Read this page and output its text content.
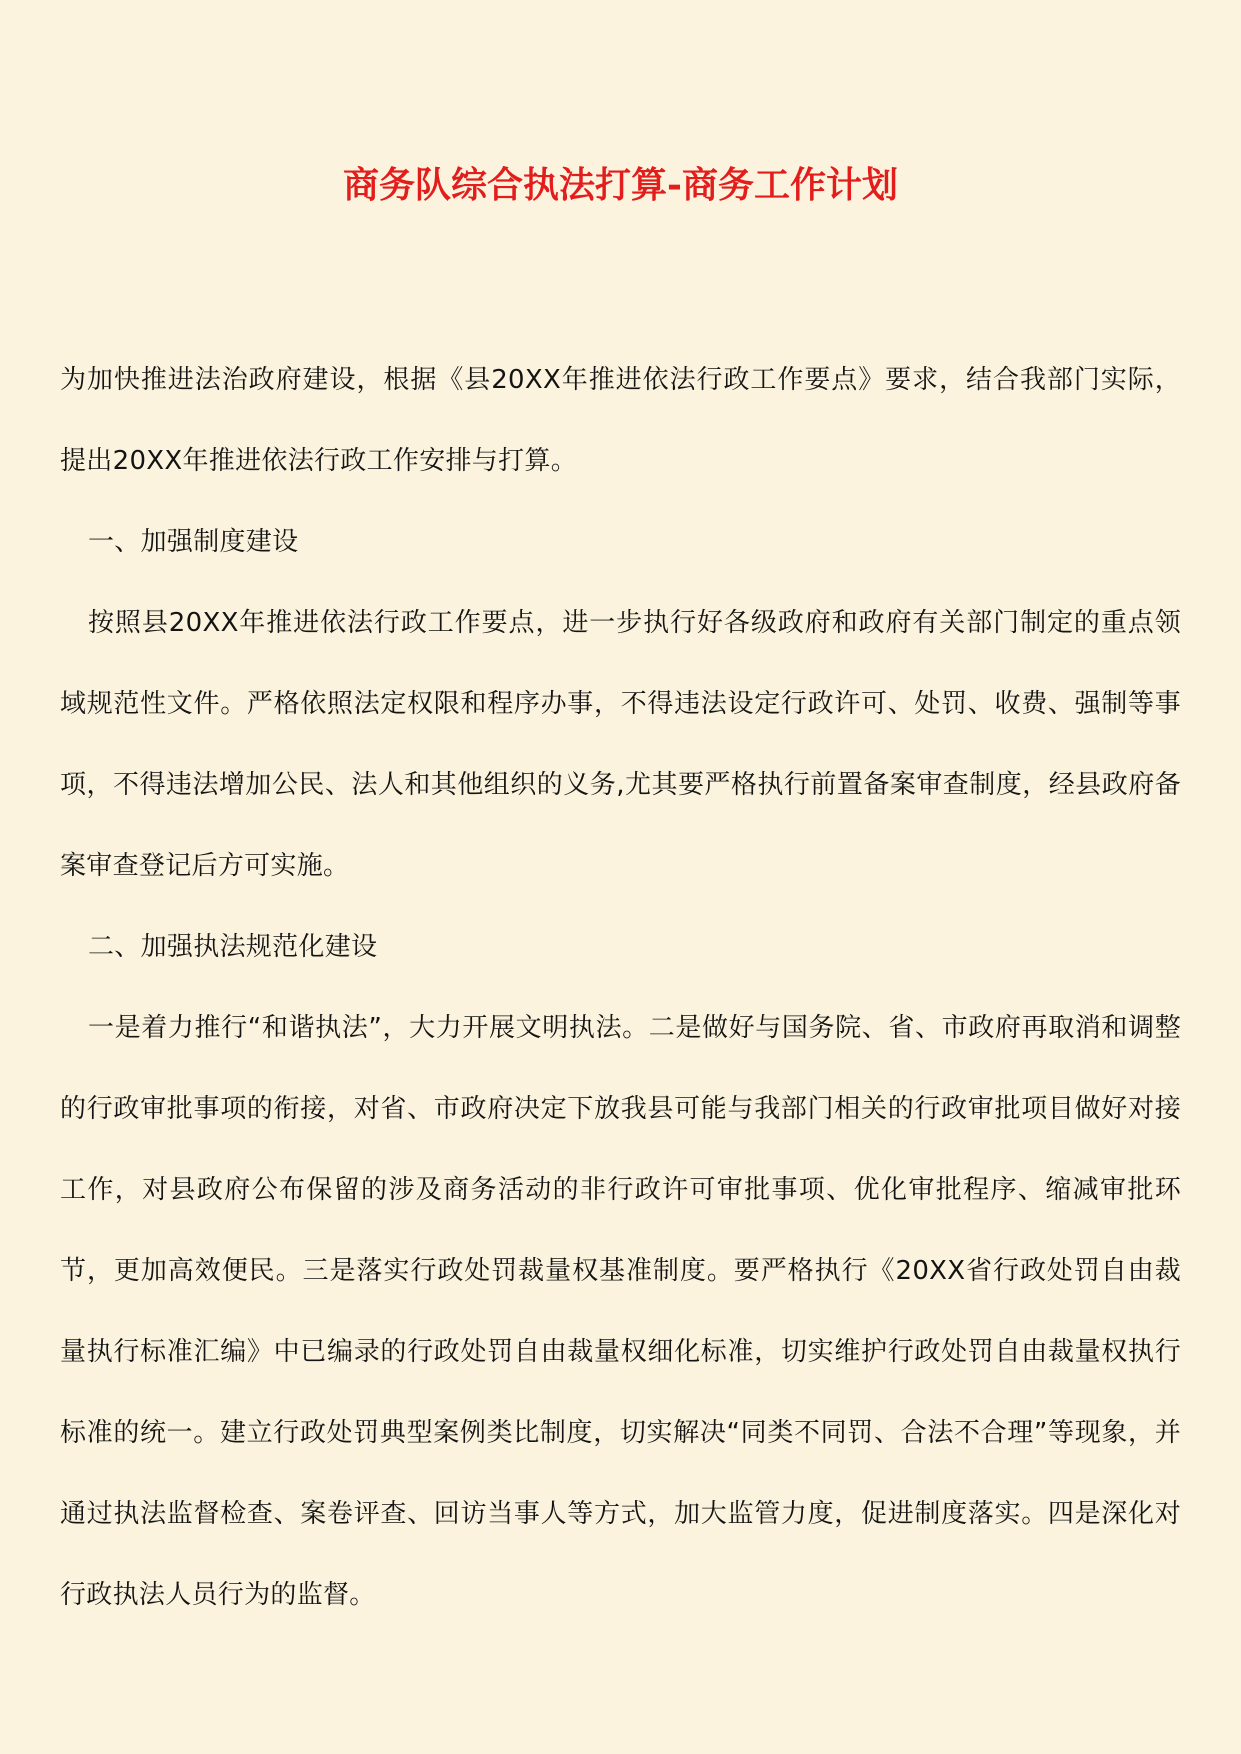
商务队综合执法打算-商务工作计划

为加快推进法治政府建设，根据《县20XX年推进依法行政工作要点》要求，结合我部门实际，提出20XX年推进依法行政工作安排与打算。

一、加强制度建设

按照县20XX年推进依法行政工作要点，进一步执行好各级政府和政府有关部门制定的重点领域规范性文件。严格依照法定权限和程序办事，不得违法设定行政许可、处罚、收费、强制等事项，不得违法增加公民、法人和其他组织的义务,尤其要严格执行前置备案审查制度，经县政府备案审查登记后方可实施。

二、加强执法规范化建设

一是着力推行“和谐执法”，大力开展文明执法。二是做好与国务院、省、市政府再取消和调整的行政审批事项的衔接，对省、市政府决定下放我县可能与我部门相关的行政审批项目做好对接工作，对县政府公布保留的涉及商务活动的非行政许可审批事项、优化审批程序、缩减审批环节，更加高效便民。三是落实行政处罚裁量权基准制度。要严格执行《20XX省行政处罚自由裁量执行标准汇编》中已编录的行政处罚自由裁量权细化标准，切实维护行政处罚自由裁量权执行标准的统一。建立行政处罚典型案例类比制度，切实解决“同类不同罚、合法不合理”等现象，并通过执法监督检查、案卷评查、回访当事人等方式，加大监管力度，促进制度落实。四是深化对行政执法人员行为的监督。
